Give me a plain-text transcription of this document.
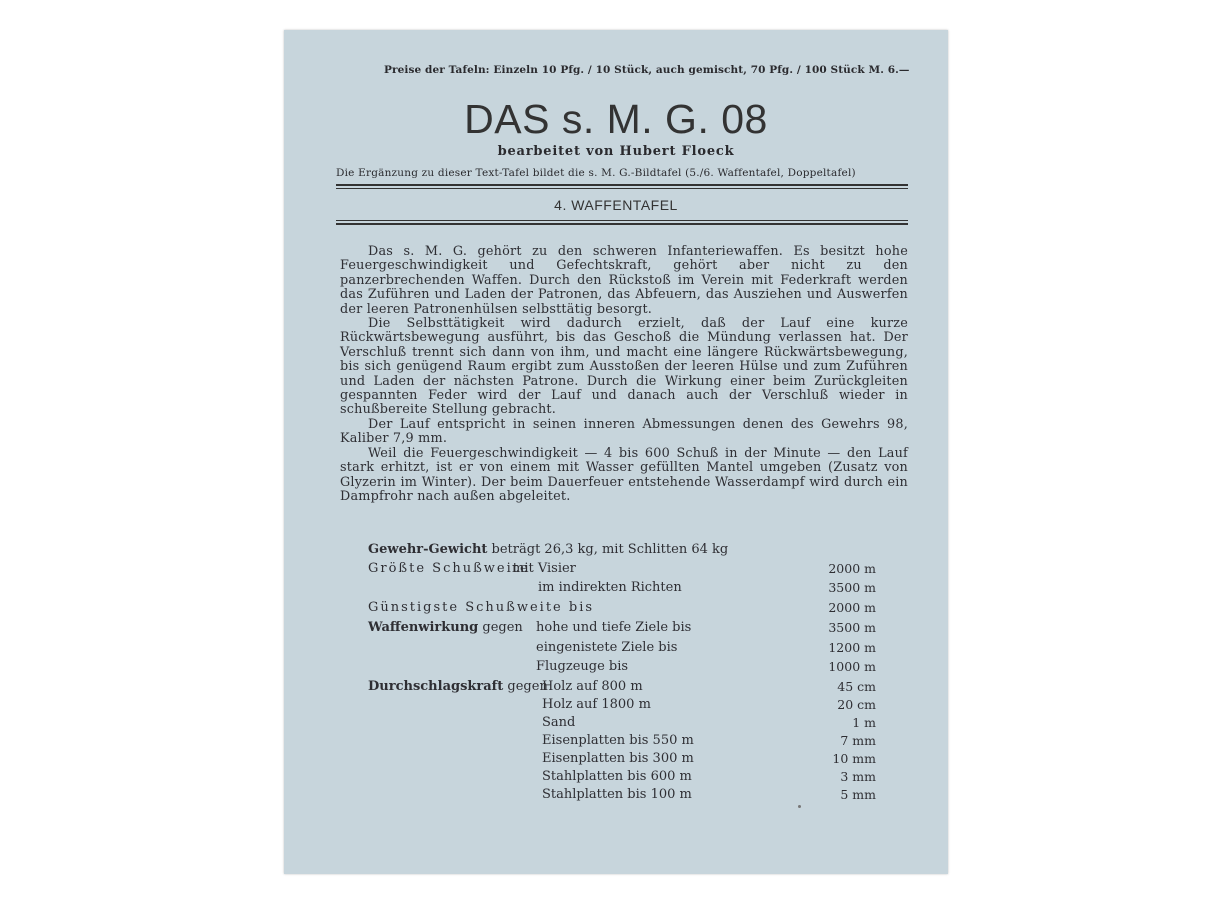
Preise der Tafeln: Einzeln 10 Pfg. / 10 Stück, auch gemischt, 70 Pfg. / 100 Stück M. 6.—
DAS s. M. G. 08
bearbeitet von Hubert Floeck
Die Ergänzung zu dieser Text-Tafel bildet die s. M. G.-Bildtafel (5./6. Waffentafel, Doppeltafel)
4. WAFFENTAFEL

Das s. M. G. gehört zu den schweren Infanteriewaffen. Es besitzt hohe Feuergeschwindigkeit und Gefechtskraft, gehört aber nicht zu den panzerbrechenden Waffen. Durch den Rückstoß im Verein mit Federkraft werden das Zuführen und Laden der Patronen, das Abfeuern, das Ausziehen und Auswerfen der leeren Patronenhülsen selbsttätig besorgt.

Die Selbsttätigkeit wird dadurch erzielt, daß der Lauf eine kurze Rückwärtsbewegung ausführt, bis das Geschoß die Mündung verlassen hat. Der Verschluß trennt sich dann von ihm, und macht eine längere Rückwärtsbewegung, bis sich genügend Raum ergibt zum Ausstoßen der leeren Hülse und zum Zuführen und Laden der nächsten Patrone. Durch die Wirkung einer beim Zurückgleiten gespannten Feder wird der Lauf und danach auch der Verschluß wieder in schußbereite Stellung gebracht.

Der Lauf entspricht in seinen inneren Abmessungen denen des Gewehrs 98, Kaliber 7,9 mm.

Weil die Feuergeschwindigkeit — 4 bis 600 Schuß in der Minute — den Lauf stark erhitzt, ist er von einem mit Wasser gefüllten Mantel umgeben (Zusatz von Glyzerin im Winter). Der beim Dauerfeuer entstehende Wasserdampf wird durch ein Dampfrohr nach außen abgeleitet.

Gewehr-Gewicht beträgt 26,3 kg, mit Schlitten 64 kg
Größte Schußweite
mit Visier	2000 m
im indirekten Richten	3500 m
Günstigste Schußweite bis	2000 m
Waffenwirkung gegen hohe und tiefe Ziele bis	3500 m
eingenistete Ziele bis	1200 m
Flugzeuge bis	1000 m
Durchschlagskraft gegen
Holz auf 800 m	45 cm
Holz auf 1800 m	20 cm
Sand	1 m
Eisenplatten bis 550 m	7 mm
Eisenplatten bis 300 m	10 mm
Stahlplatten bis 600 m	3 mm
Stahlplatten bis 100 m	5 mm
